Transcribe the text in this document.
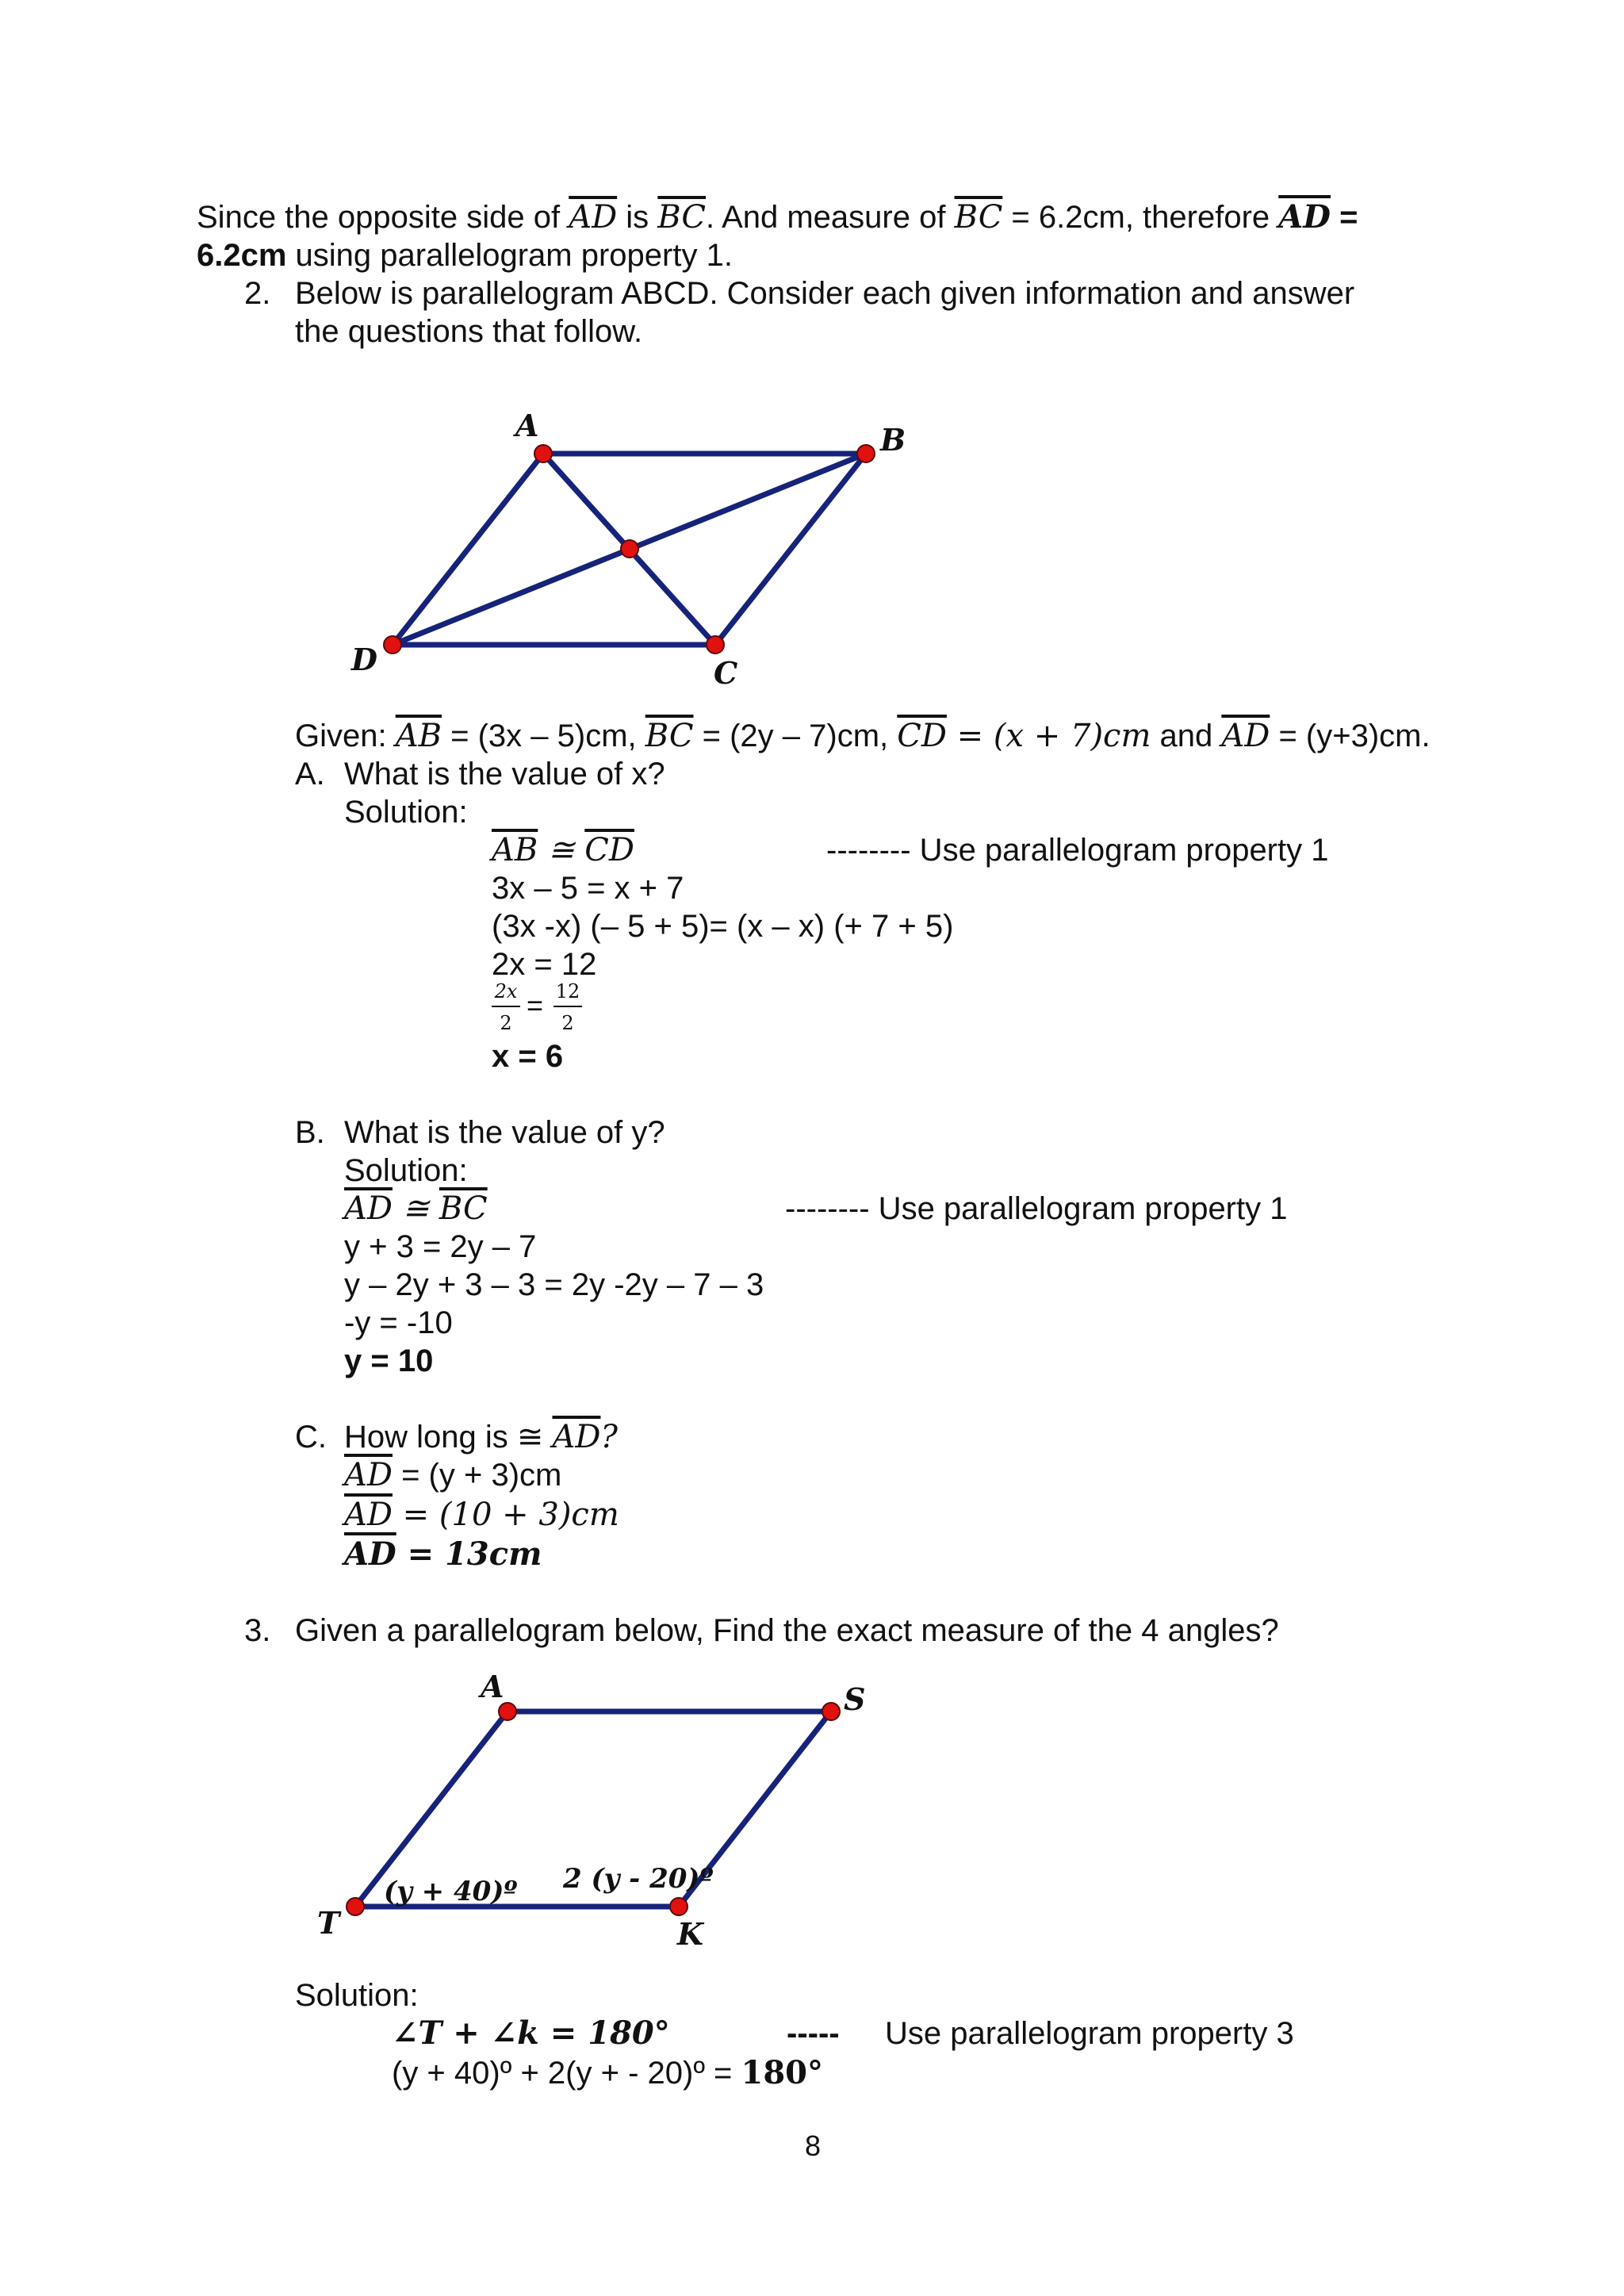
Since the opposite side of $\overline{AD}$ is $\overline{BC}$. And measure of $\overline{BC} = 6.2cm$, therefore $\overline{AD}$ =
6.2cm using parallelogram property 1.
2. Below is parallelogram ABCD. Consider each given information and answer
the questions that follow.
A	B
C
D
Given: $\overline{AB} = (3x - 5)cm$, $\overline{BC} = (2y - 7)cm$, $\overline{CD} = (x + 7)cm$ and $\overline{AD} = (y+3)cm$.
A. What is the value of x?
Solution:
$\overline{AB}$ ≅ $\overline{CD}$	-------- Use parallelogram property 1
3x – 5 = x + 7
(3x -x) (– 5 + 5)= (x – x) (+ 7 + 5)
2x = 12
2x
2
= 12
2
x = 6
B. What is the value of y?
Solution:
$\overline{AD}$ ≅ $\overline{BC}$	-------- Use parallelogram property 1
y + 3 = 2y – 7
y – 2y + 3 – 3 = 2y -2y – 7 – 3
-y = -10
y = 10
C. How long is ≅ $\overline{AD}$?
$\overline{AD} = (y + 3)cm$
$\overline{AD} = (10 + 3)cm$
$\overline{AD} = 13cm$
3. Given a parallelogram below, Find the exact measure of the 4 angles?
A	S
T	K
(y + 40)º 2 (y - 20)º
Solution:
∠T + ∠k = 180°	----- Use parallelogram property 3
(y + 40)º + 2(y + - 20)º = 180°
8
